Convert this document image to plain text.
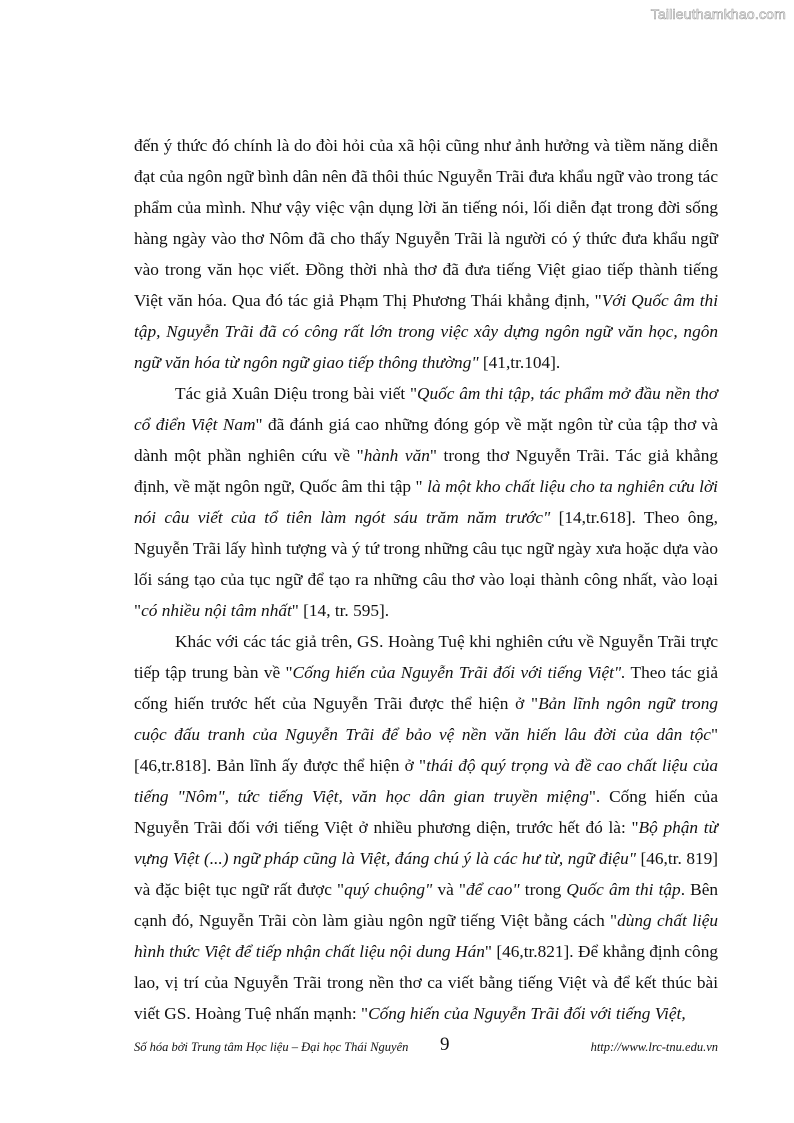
Tailieuthamkhao.com

đến ý thức đó chính là do đòi hỏi của xã hội cũng như ảnh hưởng và tiềm năng diễn đạt của ngôn ngữ bình dân nên đã thôi thúc Nguyễn Trãi đưa khẩu ngữ vào trong tác phẩm của mình. Như vậy việc vận dụng lời ăn tiếng nói, lối diễn đạt trong đời sống hàng ngày vào thơ Nôm đã cho thấy Nguyễn Trãi là người có ý thức đưa khẩu ngữ vào trong văn học viết. Đồng thời nhà thơ đã đưa tiếng Việt giao tiếp thành tiếng Việt văn hóa. Qua đó tác giả Phạm Thị Phương Thái khẳng định, "Với Quốc âm thi tập, Nguyễn Trãi đã có công rất lớn trong việc xây dựng ngôn ngữ văn học, ngôn ngữ văn hóa từ ngôn ngữ giao tiếp thông thường" [41,tr.104].

Tác giả Xuân Diệu trong bài viết "Quốc âm thi tập, tác phẩm mở đầu nền thơ cổ điển Việt Nam" đã đánh giá cao những đóng góp về mặt ngôn từ của tập thơ và dành một phần nghiên cứu về "hành văn" trong thơ Nguyễn Trãi. Tác giả khẳng định, về mặt ngôn ngữ, Quốc âm thi tập " là một kho chất liệu cho ta nghiên cứu lời nói câu viết của tổ tiên làm ngót sáu trăm năm trước" [14,tr.618]. Theo ông, Nguyễn Trãi lấy hình tượng và ý tứ trong những câu tục ngữ ngày xưa hoặc dựa vào lối sáng tạo của tục ngữ để tạo ra những câu thơ vào loại thành công nhất, vào loại "có nhiều nội tâm nhất" [14, tr. 595].

Khác với các tác giả trên, GS. Hoàng Tuệ khi nghiên cứu về Nguyễn Trãi trực tiếp tập trung bàn về "Cống hiến của Nguyễn Trãi đối với tiếng Việt". Theo tác giả cống hiến trước hết của Nguyễn Trãi được thể hiện ở "Bản lĩnh ngôn ngữ trong cuộc đấu tranh của Nguyễn Trãi để bảo vệ nền văn hiến lâu đời của dân tộc" [46,tr.818]. Bản lĩnh ấy được thể hiện ở "thái độ quý trọng và đề cao chất liệu của tiếng "Nôm", tức tiếng Việt, văn học dân gian truyền miệng". Cống hiến của Nguyễn Trãi đối với tiếng Việt ở nhiều phương diện, trước hết đó là: "Bộ phận từ vựng Việt (...) ngữ pháp cũng là Việt, đáng chú ý là các hư từ, ngữ điệu" [46,tr. 819] và đặc biệt tục ngữ rất được "quý chuộng" và "để cao" trong Quốc âm thi tập. Bên cạnh đó, Nguyễn Trãi còn làm giàu ngôn ngữ tiếng Việt bằng cách "dùng chất liệu hình thức Việt để tiếp nhận chất liệu nội dung Hán" [46,tr.821]. Để khẳng định công lao, vị trí của Nguyễn Trãi trong nền thơ ca viết bằng tiếng Việt và để kết thúc bài viết GS. Hoàng Tuệ nhấn mạnh: "Cống hiến của Nguyễn Trãi đối với tiếng Việt,

Số hóa bởi Trung tâm Học liệu – Đại học Thái Nguyên 9	http://www.lrc-tnu.edu.vn
